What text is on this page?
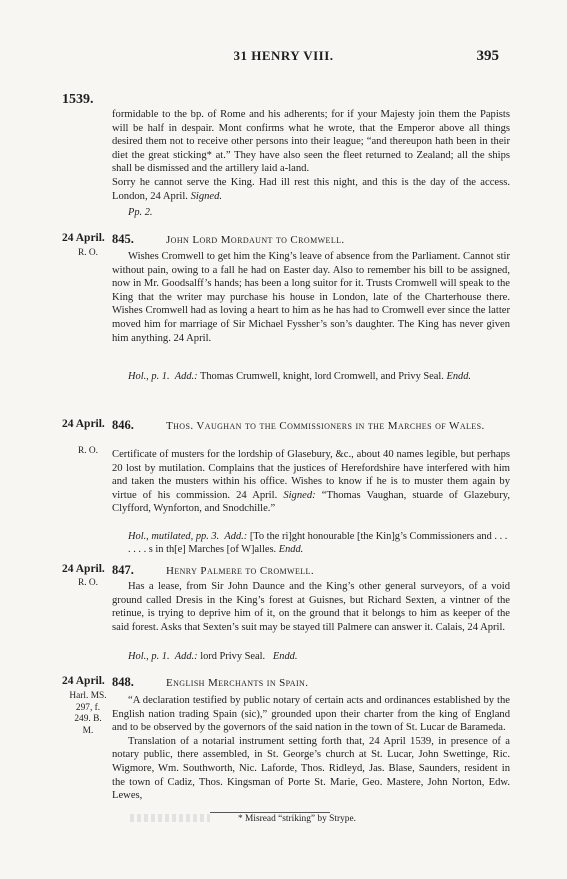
31 HENRY VIII.	395
1539.

formidable to the bp. of Rome and his adherents; for if your Majesty join them the Papists will be half in despair. Mont confirms what he wrote, that the Emperor above all things desired them not to receive other persons into their league; “and thereupon hath been in their diet the great sticking* at.” They have also seen the fleet returned to Zealand; all the ships shall be dismissed and the artillery laid a-land.

Sorry he cannot serve the King. Had ill rest this night, and this is the day of the access. London, 24 April. Signed.
Pp. 2.
24 April.
R. O.
845.	John Lord Mordaunt to Cromwell.

Wishes Cromwell to get him the King’s leave of absence from the Parliament. Cannot stir without pain, owing to a fall he had on Easter day. Also to remember his bill to be assigned, now in Mr. Goodsalff’s hands; has been a long suitor for it. Trusts Cromwell will speak to the King that the writer may purchase his house in London, late of the Charterhouse there. Wishes Cromwell had as loving a heart to him as he has had to Cromwell ever since the latter moved him for marriage of Sir Michael Fyssher’s son’s daughter. The King has never given him anything. 24 April.

Hol., p. 1. Add.: Thomas Crumwell, knight, lord Cromwell, and Privy Seal. Endd.
24 April.
R. O.
846.	Thos. Vaughan to the Commissioners in the Marches of Wales.

Certificate of musters for the lordship of Glasebury, &c., about 40 names legible, but perhaps 20 lost by mutilation. Complains that the justices of Herefordshire have interfered with him and taken the musters within his office. Wishes to know if he is to muster them again by virtue of his commission. 24 April. Signed: “Thomas Vaughan, stuarde of Glazebury, Clyfford, Wynforton, and Snodchille.”
Hol., mutilated, pp. 3. Add.: [To the ri]ght honourable [the Kin]g’s Commissioners and . . . . . . . s in th[e] Marches [of W]alles. Endd.
24 April.
R. O.
847.	Henry Palmere to Cromwell.

Has a lease, from Sir John Daunce and the King’s other general surveyors, of a void ground called Dresis in the King’s forest at Guisnes, but Richard Sexten, a vintner of the retinue, is trying to deprive him of it, on the ground that it belongs to him as keeper of the said forest. Asks that Sexten’s suit may be stayed till Palmere can answer it. Calais, 24 April.

Hol., p. 1. Add.: lord Privy Seal. Endd.
24 April.
Harl. MS. 297, f. 249. B. M.
848.	English Merchants in Spain.

“A declaration testified by public notary of certain acts and ordinances established by the English nation trading Spain (sic),” grounded upon their charter from the king of England and to be observed by the governors of the said nation in the town of St. Lucar de Barameda.

Translation of a notarial instrument setting forth that, 24 April 1539, in presence of a notary public, there assembled, in St. George’s church at St. Lucar, John Swettinge, Ric. Wigmore, Wm. Southworth, Nic. Laforde, Thos. Ridleyd, Jas. Blase, Saunders, resident in the town of Cadiz, Thos. Kingsman of Porte St. Marie, Geo. Mastere, John Norton, Edw. Lewes,

* Misread “striking” by Strype.
